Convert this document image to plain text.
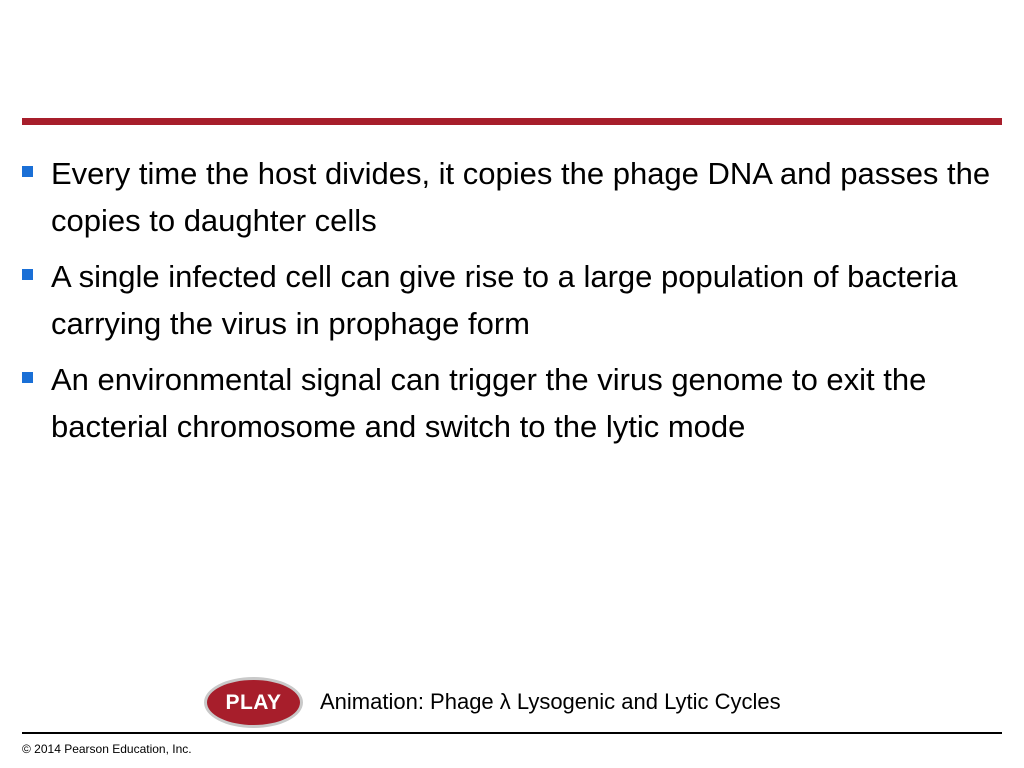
Every time the host divides, it copies the phage DNA and passes the copies to daughter cells
A single infected cell can give rise to a large population of bacteria carrying the virus in prophage form
An environmental signal can trigger the virus genome to exit the bacterial chromosome and switch to the lytic mode
PLAY Animation: Phage λ Lysogenic and Lytic Cycles
© 2014 Pearson Education, Inc.
